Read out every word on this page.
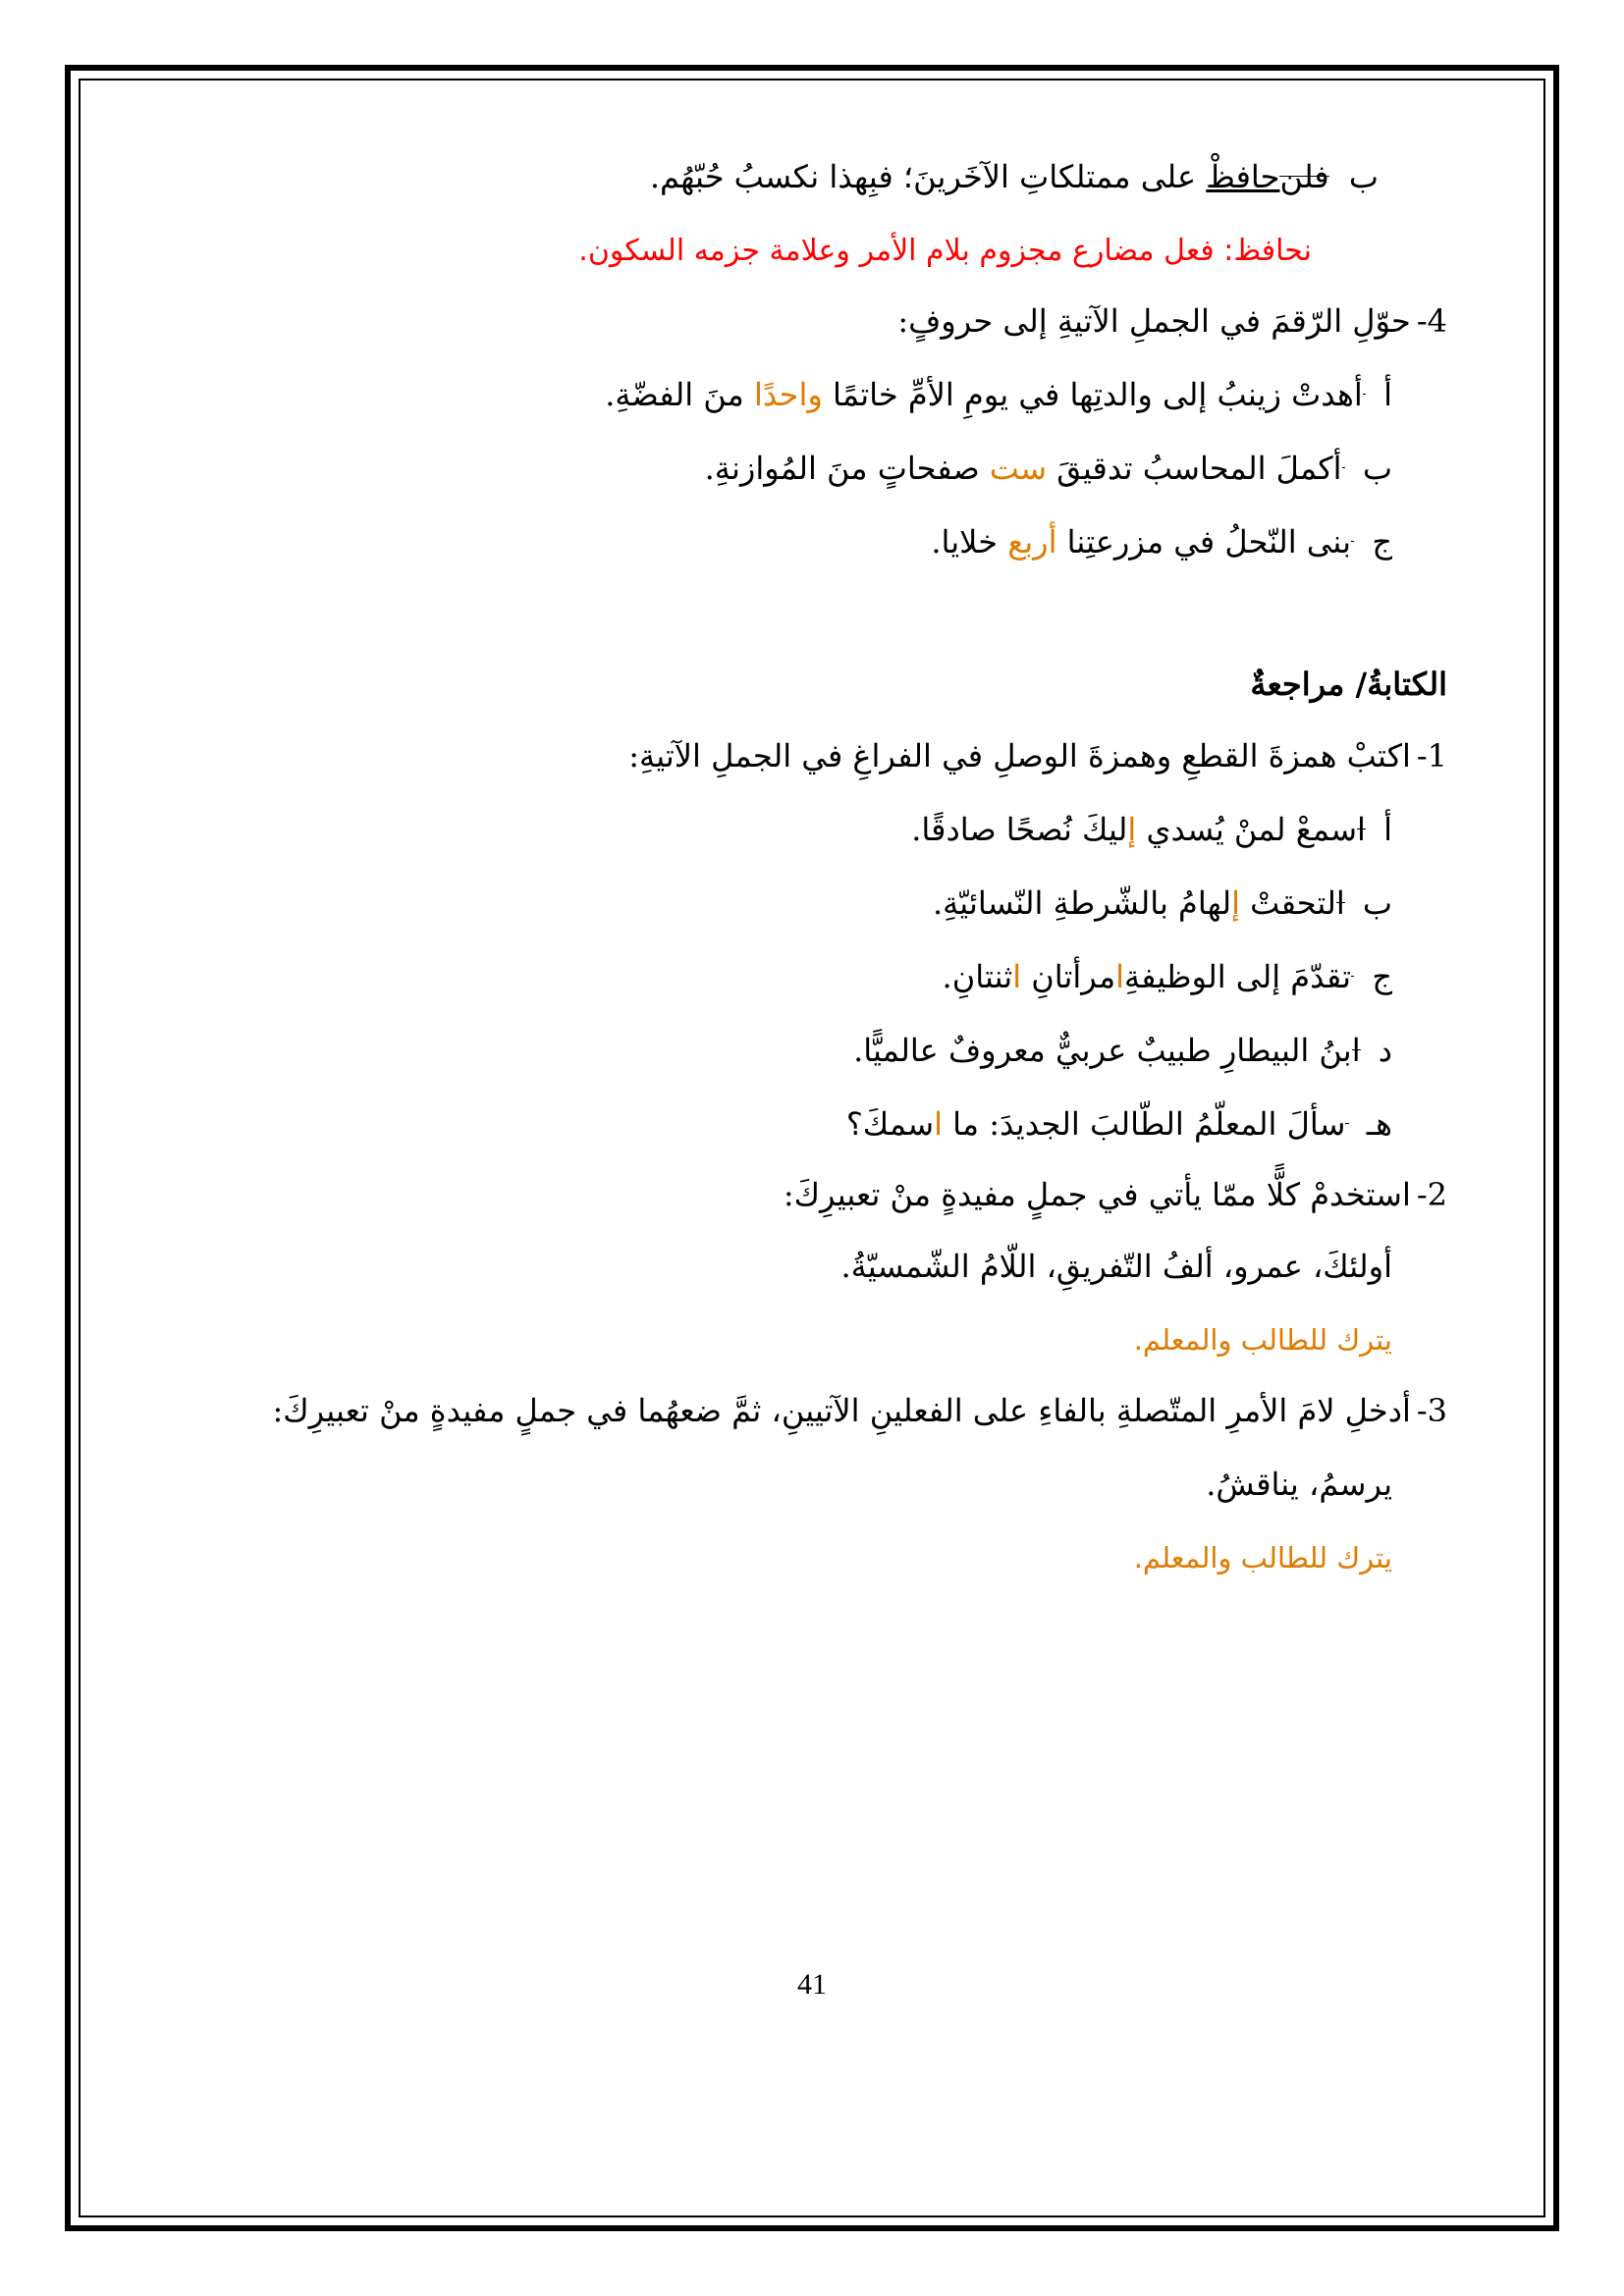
ب فلنحافظْ على ممتلكاتِ الآخَرينَ؛ فبِهذا نكسبُ حُبّهُم.
نحافظ: فعل مضارع مجزوم بلام الأمر وعلامة جزمه السكون.
4-حوّلِ الرّقمَ في الجملِ الآتيةِ إلى حروفٍ:
أ  أهدتْ زينبُ إلى والدتِها في يومِ الأمِّ خاتمًا واحدًا منَ الفضّةِ.
ب  أكملَ المحاسبُ تدقيقَ ست صفحاتٍ منَ المُوازنةِ.
ج  بنى النّحلُ في مزرعتِنا أربع خلايا.
الكتابةُ/ مراجعةٌ
1-اكتبْ همزةَ القطعِ وهمزةَ الوصلِ في الفراغِ في الجملِ الآتيةِ:
أ اسمعْ لمنْ يُسدي إليكَ نُصحًا صادقًا.
ب التحقتْ إلهامُ بالشّرطةِ النّسائيّةِ.
ج  تقدّمَ إلى الوظيفةِامرأتانِ اثنتانِ.
د ابنُ البيطارِ طبيبٌ عربيٌّ معروفٌ عالميًّا.
هـ  سألَ المعلّمُ الطّالبَ الجديدَ: ما اسمكَ؟
2-استخدمْ كلًّا ممّا يأتي في جملٍ مفيدةٍ منْ تعبيرِكَ:
أولئكَ، عمرو، ألفُ التّفريقِ، اللّامُ الشّمسيّةُ.
يترك للطالب والمعلم.
3-أدخلِ لامَ الأمرِ المتّصلةِ بالفاءِ على الفعلينِ الآتيينِ، ثمَّ ضعهُما في جملٍ مفيدةٍ منْ تعبيرِكَ:
يرسمُ، يناقشُ.
يترك للطالب والمعلم.
41
